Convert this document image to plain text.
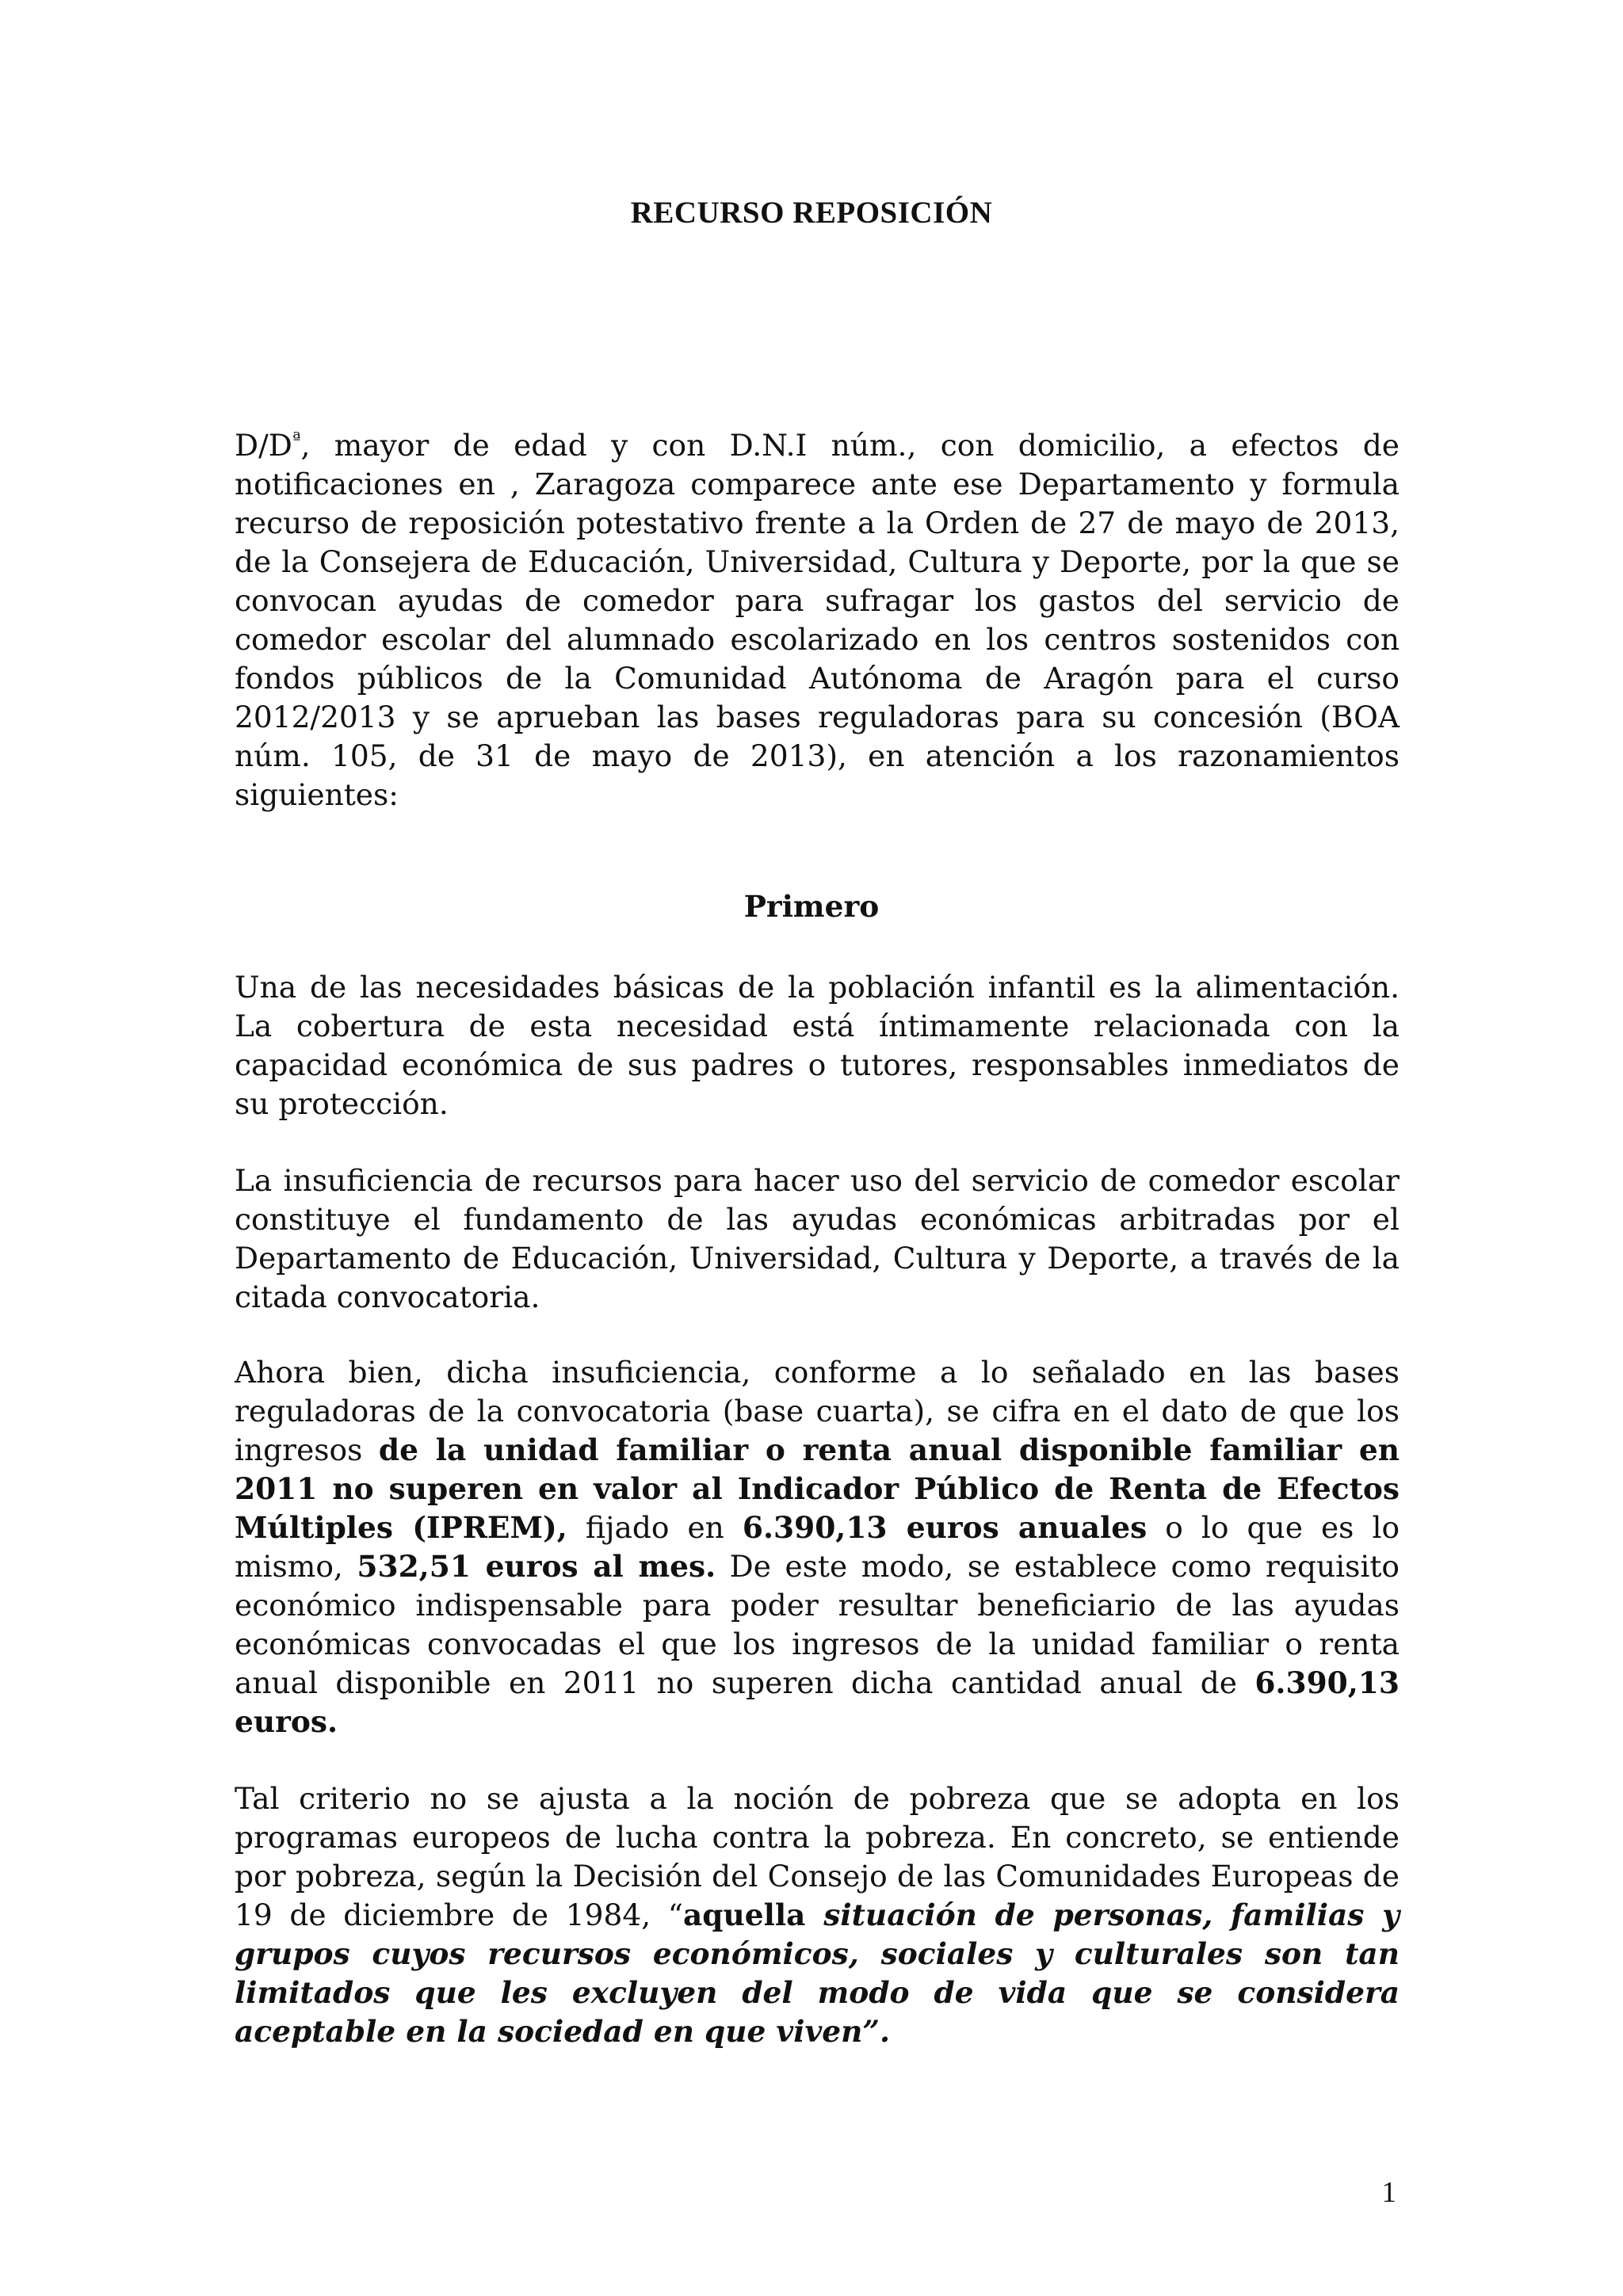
RECURSO REPOSICIÓN

$D/D^ª$, mayor de edad y con D.N.I núm., con domicilio, a efectos de notificaciones en , Zaragoza comparece ante ese Departamento y formula recurso de reposición potestativo frente a la Orden de 27 de mayo de 2013, de la Consejera de Educación, Universidad, Cultura y Deporte, por la que se convocan ayudas de comedor para sufragar los gastos del servicio de comedor escolar del alumnado escolarizado en los centros sostenidos con fondos públicos de la Comunidad Autónoma de Aragón para el curso 2012/2013 y se aprueban las bases reguladoras para su concesión (BOA núm. 105, de 31 de mayo de 2013), en atención a los razonamientos siguientes:

Primero

Una de las necesidades básicas de la población infantil es la alimentación. La cobertura de esta necesidad está íntimamente relacionada con la capacidad económica de sus padres o tutores, responsables inmediatos de su protección.

La insuficiencia de recursos para hacer uso del servicio de comedor escolar constituye el fundamento de las ayudas económicas arbitradas por el Departamento de Educación, Universidad, Cultura y Deporte, a través de la citada convocatoria.

Ahora bien, dicha insuficiencia, conforme a lo señalado en las bases reguladoras de la convocatoria (base cuarta), se cifra en el dato de que los ingresos de la unidad familiar o renta anual disponible familiar en 2011 no superen en valor al Indicador Público de Renta de Efectos Múltiples (IPREM), fijado en 6.390,13 euros anuales o lo que es lo mismo, 532,51 euros al mes. De este modo, se establece como requisito económico indispensable para poder resultar beneficiario de las ayudas económicas convocadas el que los ingresos de la unidad familiar o renta anual disponible en 2011 no superen dicha cantidad anual de 6.390,13 euros.

Tal criterio no se ajusta a la noción de pobreza que se adopta en los programas europeos de lucha contra la pobreza. En concreto, se entiende por pobreza, según la Decisión del Consejo de las Comunidades Europeas de 19 de diciembre de 1984, “aquella situación de personas, familias y grupos cuyos recursos económicos, sociales y culturales son tan limitados que les excluyen del modo de vida que se considera aceptable en la sociedad en que viven”.

1
